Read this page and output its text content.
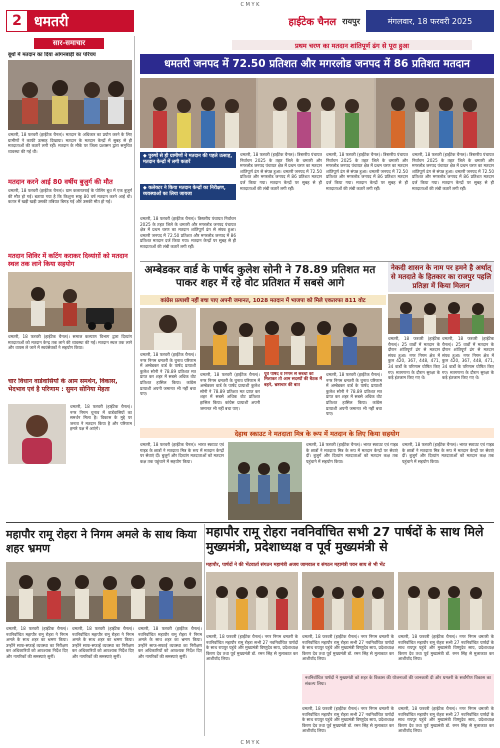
C M Y K
2 धमतरी	हाईटेक चैनल रायपुर	मंगलवार, 18 फरवरी 2025
सार-समाचार
बूथों में मतदान का दिया आंगनबाड़ी का परिचय
धमतरी, 18 फरवरी (हाईटेक चैनल)। मतदान के अधिकार का प्रयोग करने के लिए ग्रामीणों ने काफी उत्साह दिखाया। मतदान के मतदान केन्द्रों में सुबह से ही मतदाताओं की कतारें लगी रहीं। मतदान के मौके पर जिला प्रशासन द्वारा समुचित व्यवस्था की गई थी।
मतदान करने आई 80 वर्षीय बुजुर्ग की मौत
धमतरी, 18 फरवरी (हाईटेक चैनल)। ग्राम कलारतराई के पोलिंग बूथ में एक बुजुर्ग की मौत हो गई। बताया गया है कि किशुना साहू 80 वर्ष मतदान करने आई थी। कतार में खड़ी खड़ी उसकी तबियत बिगड़ गई और उसकी मौत हो गई।
मतदान शिविर में कटिंग कराकर दिव्यांग़ों को मतदान स्थल तक लाने किया सहयोग
धमतरी, 18 फरवरी (हाईटेक चैनल)। समाज कल्याण विभाग द्वारा दिव्यांग मतदाताओं को मतदान केन्द्र तक लाने की व्यवस्था की गई। मतदान स्थल तक लाने और वापस ले जाने में स्वयंसेवकों ने सहयोग किया।
चार विधान वार्डवासियों के आम समर्थन, विकास, भेदभाव एवं है परिणाम : सुमन सोनिया मेहता
धमतरी, 18 फरवरी (हाईटेक चैनल)। नगर निगम चुनाव में वार्डवासियों का समर्थन मिला है। विकास के मुद्दे पर जनता ने मतदान किया है और परिणाम हमारे पक्ष में आएंगे।
प्रथम चरण का मतदान शांतिपूर्ण ढंग से पूरा हुआ
धमतरी जनपद में 72.50 प्रतिशत और मगरलोड जनपद में 86 प्रतिशत मतदान
◆ पुरुषों से ही ग्रामीणों ने मतदान की पहले उत्साह, मतदान केन्द्रों में लगी कतारें
◆ कलेक्टर ने किया मतदान केन्द्रों का निरीक्षण, व्यवस्थाओं का लिया जायजा
धमतरी, 18 फरवरी (हाईटेक चैनल)। त्रिस्तरीय पंचायत निर्वाचन 2025 के तहत जिले के धमतरी और मगरलोड जनपद पंचायत क्षेत्र में प्रथम चरण का मतदान शांतिपूर्ण ढंग से संपन्न हुआ। धमतरी जनपद में 72.50 प्रतिशत और मगरलोड जनपद में 86 प्रतिशत मतदान दर्ज किया गया। मतदान केन्द्रों पर सुबह से ही मतदाताओं की लंबी कतारें लगी रहीं।
धमतरी, 18 फरवरी (हाईटेक चैनल)। त्रिस्तरीय पंचायत निर्वाचन 2025 के तहत जिले के धमतरी और मगरलोड जनपद पंचायत क्षेत्र में प्रथम चरण का मतदान शांतिपूर्ण ढंग से संपन्न हुआ। धमतरी जनपद में 72.50 प्रतिशत और मगरलोड जनपद में 86 प्रतिशत मतदान दर्ज किया गया। मतदान केन्द्रों पर सुबह से ही मतदाताओं की लंबी कतारें लगी रहीं।
धमतरी, 18 फरवरी (हाईटेक चैनल)। त्रिस्तरीय पंचायत निर्वाचन 2025 के तहत जिले के धमतरी और मगरलोड जनपद पंचायत क्षेत्र में प्रथम चरण का मतदान शांतिपूर्ण ढंग से संपन्न हुआ। धमतरी जनपद में 72.50 प्रतिशत और मगरलोड जनपद में 86 प्रतिशत मतदान दर्ज किया गया। मतदान केन्द्रों पर सुबह से ही मतदाताओं की लंबी कतारें लगी रहीं।
धमतरी, 18 फरवरी (हाईटेक चैनल)। त्रिस्तरीय पंचायत निर्वाचन 2025 के तहत जिले के धमतरी और मगरलोड जनपद पंचायत क्षेत्र में प्रथम चरण का मतदान शांतिपूर्ण ढंग से संपन्न हुआ। धमतरी जनपद में 72.50 प्रतिशत और मगरलोड जनपद में 86 प्रतिशत मतदान दर्ज किया गया। मतदान केन्द्रों पर सुबह से ही मतदाताओं की लंबी कतारें लगी रहीं।
अम्बेडकर वार्ड के पार्षद कुलेश सोनी ने 78.89 प्रतिशत मत पाकर शहर में रहे वोट प्रतिशत में सबसे आगे
कांग्रेस प्रत्याशी नहीं बचा पाए अपनी जमानत, 1028 मतदान में भाजपा को मिले एकतरफा 811 वोट
धमतरी, 18 फरवरी (हाईटेक चैनल)। नगर निगम धमतरी के चुनाव परिणाम में अम्बेडकर वार्ड के पार्षद प्रत्याशी कुलेश सोनी ने 78.89 प्रतिशत मत प्राप्त कर शहर में सबसे अधिक वोट प्रतिशत हासिल किया। कांग्रेस प्रत्याशी अपनी जमानत भी नहीं बचा पाए।
धमतरी, 18 फरवरी (हाईटेक चैनल)। नगर निगम धमतरी के चुनाव परिणाम में अम्बेडकर वार्ड के पार्षद प्रत्याशी कुलेश सोनी ने 78.89 प्रतिशत मत प्राप्त कर शहर में सबसे अधिक वोट प्रतिशत हासिल किया। कांग्रेस प्रत्याशी अपनी जमानत भी नहीं बचा पाए।
पूर्व पार्षद व निगम से संबंधों को मिलाकर तो आम सदस्यों की बैठक में बहने, भ्रष्टाचार की बात
धमतरी, 18 फरवरी (हाईटेक चैनल)। नगर निगम धमतरी के चुनाव परिणाम में अम्बेडकर वार्ड के पार्षद प्रत्याशी कुलेश सोनी ने 78.89 प्रतिशत मत प्राप्त कर शहर में सबसे अधिक वोट प्रतिशत हासिल किया। कांग्रेस प्रत्याशी अपनी जमानत भी नहीं बचा पाए।
नेकदी शासन के नाम पर हमने है अर्थात् से मतदाते के हितकार का राजपुर पहलि प्रतिज्ञा में किया मिलान
धमतरी, 18 फरवरी (हाईटेक चैनल)। 25 वार्डों में मतदान के दौरान शांतिपूर्ण ढंग से मतदान संपन्न हुआ। नगर निगम क्षेत्र में कुल 420, 367, 448, 471, 34 वार्डों के परिणाम घोषित किए गए। मतगणना के दौरान सुरक्षा के कड़े इंतजाम किए गए थे।
धमतरी, 18 फरवरी (हाईटेक चैनल)। 25 वार्डों में मतदान के दौरान शांतिपूर्ण ढंग से मतदान संपन्न हुआ। नगर निगम क्षेत्र में कुल 420, 367, 448, 471, 34 वार्डों के परिणाम घोषित किए गए। मतगणना के दौरान सुरक्षा के कड़े इंतजाम किए गए थे।
देहाथ स्काउट ने मतदाता मित्र के रूप में मतदान के लिए किया सहयोग
धमतरी, 18 फरवरी (हाईटेक चैनल)। भारत स्काउट एवं गाइड के छात्रों ने मतदाता मित्र के रूप में मतदान केन्द्रों पर सेवाएं दीं। बुजुर्ग और दिव्यांग मतदाताओं को मतदान कक्ष तक पहुंचाने में सहयोग किया।
धमतरी, 18 फरवरी (हाईटेक चैनल)। भारत स्काउट एवं गाइड के छात्रों ने मतदाता मित्र के रूप में मतदान केन्द्रों पर सेवाएं दीं। बुजुर्ग और दिव्यांग मतदाताओं को मतदान कक्ष तक पहुंचाने में सहयोग किया।
धमतरी, 18 फरवरी (हाईटेक चैनल)। भारत स्काउट एवं गाइड के छात्रों ने मतदाता मित्र के रूप में मतदान केन्द्रों पर सेवाएं दीं। बुजुर्ग और दिव्यांग मतदाताओं को मतदान कक्ष तक पहुंचाने में सहयोग किया।
महापौर रामू रोहरा ने निगम अमले के साथ किया शहर भ्रमण
धमतरी, 18 फरवरी (हाईटेक चैनल)। नवनिर्वाचित महापौर रामू रोहरा ने निगम अमले के साथ शहर का भ्रमण किया। उन्होंने साफ-सफाई व्यवस्था का निरीक्षण कर अधिकारियों को आवश्यक निर्देश दिए और नागरिकों की समस्याएं सुनीं।
धमतरी, 18 फरवरी (हाईटेक चैनल)। नवनिर्वाचित महापौर रामू रोहरा ने निगम अमले के साथ शहर का भ्रमण किया। उन्होंने साफ-सफाई व्यवस्था का निरीक्षण कर अधिकारियों को आवश्यक निर्देश दिए और नागरिकों की समस्याएं सुनीं।
धमतरी, 18 फरवरी (हाईटेक चैनल)। नवनिर्वाचित महापौर रामू रोहरा ने निगम अमले के साथ शहर का भ्रमण किया। उन्होंने साफ-सफाई व्यवस्था का निरीक्षण कर अधिकारियों को आवश्यक निर्देश दिए और नागरिकों की समस्याएं सुनीं।
महापौर रामू रोहरा नवनिर्वाचित सभी 27 पार्षदों के साथ मिले मुख्यमंत्री, प्रदेशाध्यक्ष व पूर्व मुख्यमंत्री से
महापौर, पार्षदों ने की भेंटवार्ता संगठन महामंत्री अजय जामवाल व संगठन महामंत्री पवन साय से भी भेंट
धमतरी, 18 फरवरी (हाईटेक चैनल)। नगर निगम धमतरी के नवनिर्वाचित महापौर रामू रोहरा सभी 27 नवनिर्वाचित पार्षदों के साथ रायपुर पहुंचे और मुख्यमंत्री विष्णुदेव साय, प्रदेशाध्यक्ष किरण देव तथा पूर्व मुख्यमंत्री डॉ. रमन सिंह से मुलाकात कर आशीर्वाद लिया।
धमतरी, 18 फरवरी (हाईटेक चैनल)। नगर निगम धमतरी के नवनिर्वाचित महापौर रामू रोहरा सभी 27 नवनिर्वाचित पार्षदों के साथ रायपुर पहुंचे और मुख्यमंत्री विष्णुदेव साय, प्रदेशाध्यक्ष किरण देव तथा पूर्व मुख्यमंत्री डॉ. रमन सिंह से मुलाकात कर आशीर्वाद लिया।
धमतरी, 18 फरवरी (हाईटेक चैनल)। नगर निगम धमतरी के नवनिर्वाचित महापौर रामू रोहरा सभी 27 नवनिर्वाचित पार्षदों के साथ रायपुर पहुंचे और मुख्यमंत्री विष्णुदेव साय, प्रदेशाध्यक्ष किरण देव तथा पूर्व मुख्यमंत्री डॉ. रमन सिंह से मुलाकात कर आशीर्वाद लिया।
नवनिर्वाचित पार्षदों ने मुख्यमंत्री को शहर के विकास की योजनाओं की जानकारी दी और धमतरी के सर्वांगीण विकास का संकल्प लिया।
धमतरी, 18 फरवरी (हाईटेक चैनल)। नगर निगम धमतरी के नवनिर्वाचित महापौर रामू रोहरा सभी 27 नवनिर्वाचित पार्षदों के साथ रायपुर पहुंचे और मुख्यमंत्री विष्णुदेव साय, प्रदेशाध्यक्ष किरण देव तथा पूर्व मुख्यमंत्री डॉ. रमन सिंह से मुलाकात कर आशीर्वाद लिया।
धमतरी, 18 फरवरी (हाईटेक चैनल)। नगर निगम धमतरी के नवनिर्वाचित महापौर रामू रोहरा सभी 27 नवनिर्वाचित पार्षदों के साथ रायपुर पहुंचे और मुख्यमंत्री विष्णुदेव साय, प्रदेशाध्यक्ष किरण देव तथा पूर्व मुख्यमंत्री डॉ. रमन सिंह से मुलाकात कर आशीर्वाद लिया।
C M Y K
